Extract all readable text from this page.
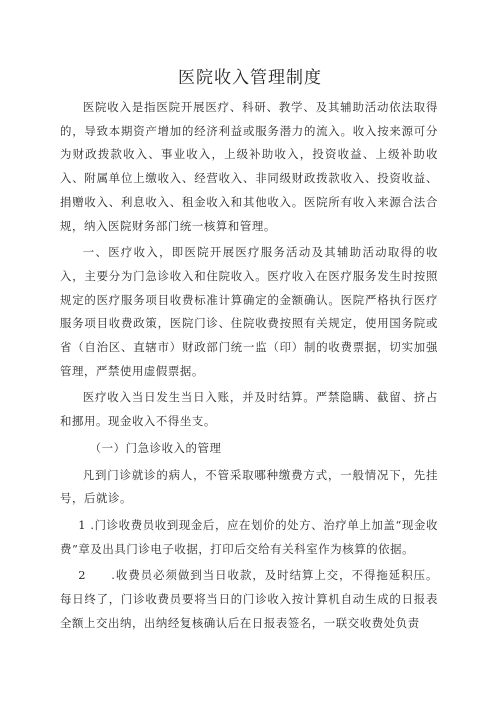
医院收入管理制度

医院收入是指医院开展医疗、科研、教学、及其辅助活动依法取得的，导致本期资产增加的经济利益或服务潜力的流入。收入按来源可分为财政拨款收入、事业收入，上级补助收入，投资收益、上级补助收入、附属单位上缴收入、经营收入、非同级财政拨款收入、投资收益、捐赠收入、利息收入、租金收入和其他收入。医院所有收入来源合法合规，纳入医院财务部门统一核算和管理。

一、医疗收入，即医院开展医疗服务活动及其辅助活动取得的收入，主要分为门急诊收入和住院收入。医疗收入在医疗服务发生时按照规定的医疗服务项目收费标准计算确定的金额确认。医院严格执行医疗服务项目收费政策，医院门诊、住院收费按照有关规定，使用国务院或省（自治区、直辖市）财政部门统一监（印）制的收费票据，切实加强管理，严禁使用虚假票据。

医疗收入当日发生当日入账，并及时结算。严禁隐瞒、截留、挤占和挪用。现金收入不得坐支。

（一）门急诊收入的管理

凡到门诊就诊的病人，不管采取哪种缴费方式，一般情况下，先挂号，后就诊。

1 .门诊收费员收到现金后，应在划价的处方、治疗单上加盖“现金收费”章及出具门诊电子收据，打印后交给有关科室作为核算的依据。

2　　.收费员必须做到当日收款，及时结算上交，不得拖延积压。每日终了，门诊收费员要将当日的门诊收入按计算机自动生成的日报表全额上交出纳，出纳经复核确认后在日报表签名，一联交收费处负责
